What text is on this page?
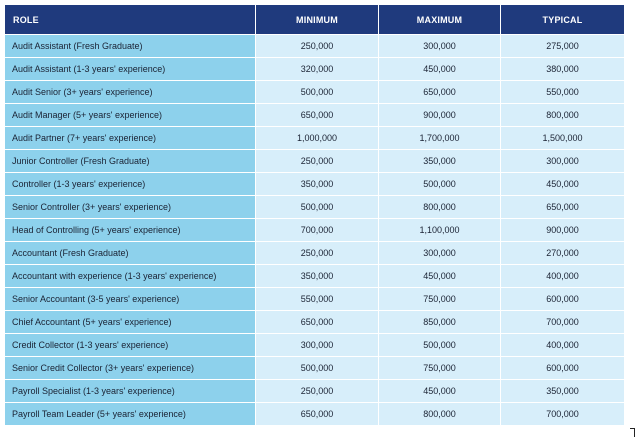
ROLE	MINIMUM	MAXIMUM	TYPICAL
Audit Assistant (Fresh Graduate)	250,000	300,000	275,000
Audit Assistant (1-3 years' experience)	320,000	450,000	380,000
Audit Senior (3+ years' experience)	500,000	650,000	550,000
Audit Manager (5+ years' experience)	650,000	900,000	800,000
Audit Partner (7+ years' experience)	1,000,000	1,700,000	1,500,000
Junior Controller (Fresh Graduate)	250,000	350,000	300,000
Controller (1-3 years' experience)	350,000	500,000	450,000
Senior Controller (3+ years' experience)	500,000	800,000	650,000
Head of Controlling (5+ years' experience)	700,000	1,100,000	900,000
Accountant (Fresh Graduate)	250,000	300,000	270,000
Accountant with experience (1-3 years' experience)	350,000	450,000	400,000
Senior Accountant (3-5 years' experience)	550,000	750,000	600,000
Chief Accountant (5+ years' experience)	650,000	850,000	700,000
Credit Collector (1-3 years' experience)	300,000	500,000	400,000
Senior Credit Collector (3+ years' experience)	500,000	750,000	600,000
Payroll Specialist (1-3 years' experience)	250,000	450,000	350,000
Payroll Team Leader (5+ years' experience)	650,000	800,000	700,000
